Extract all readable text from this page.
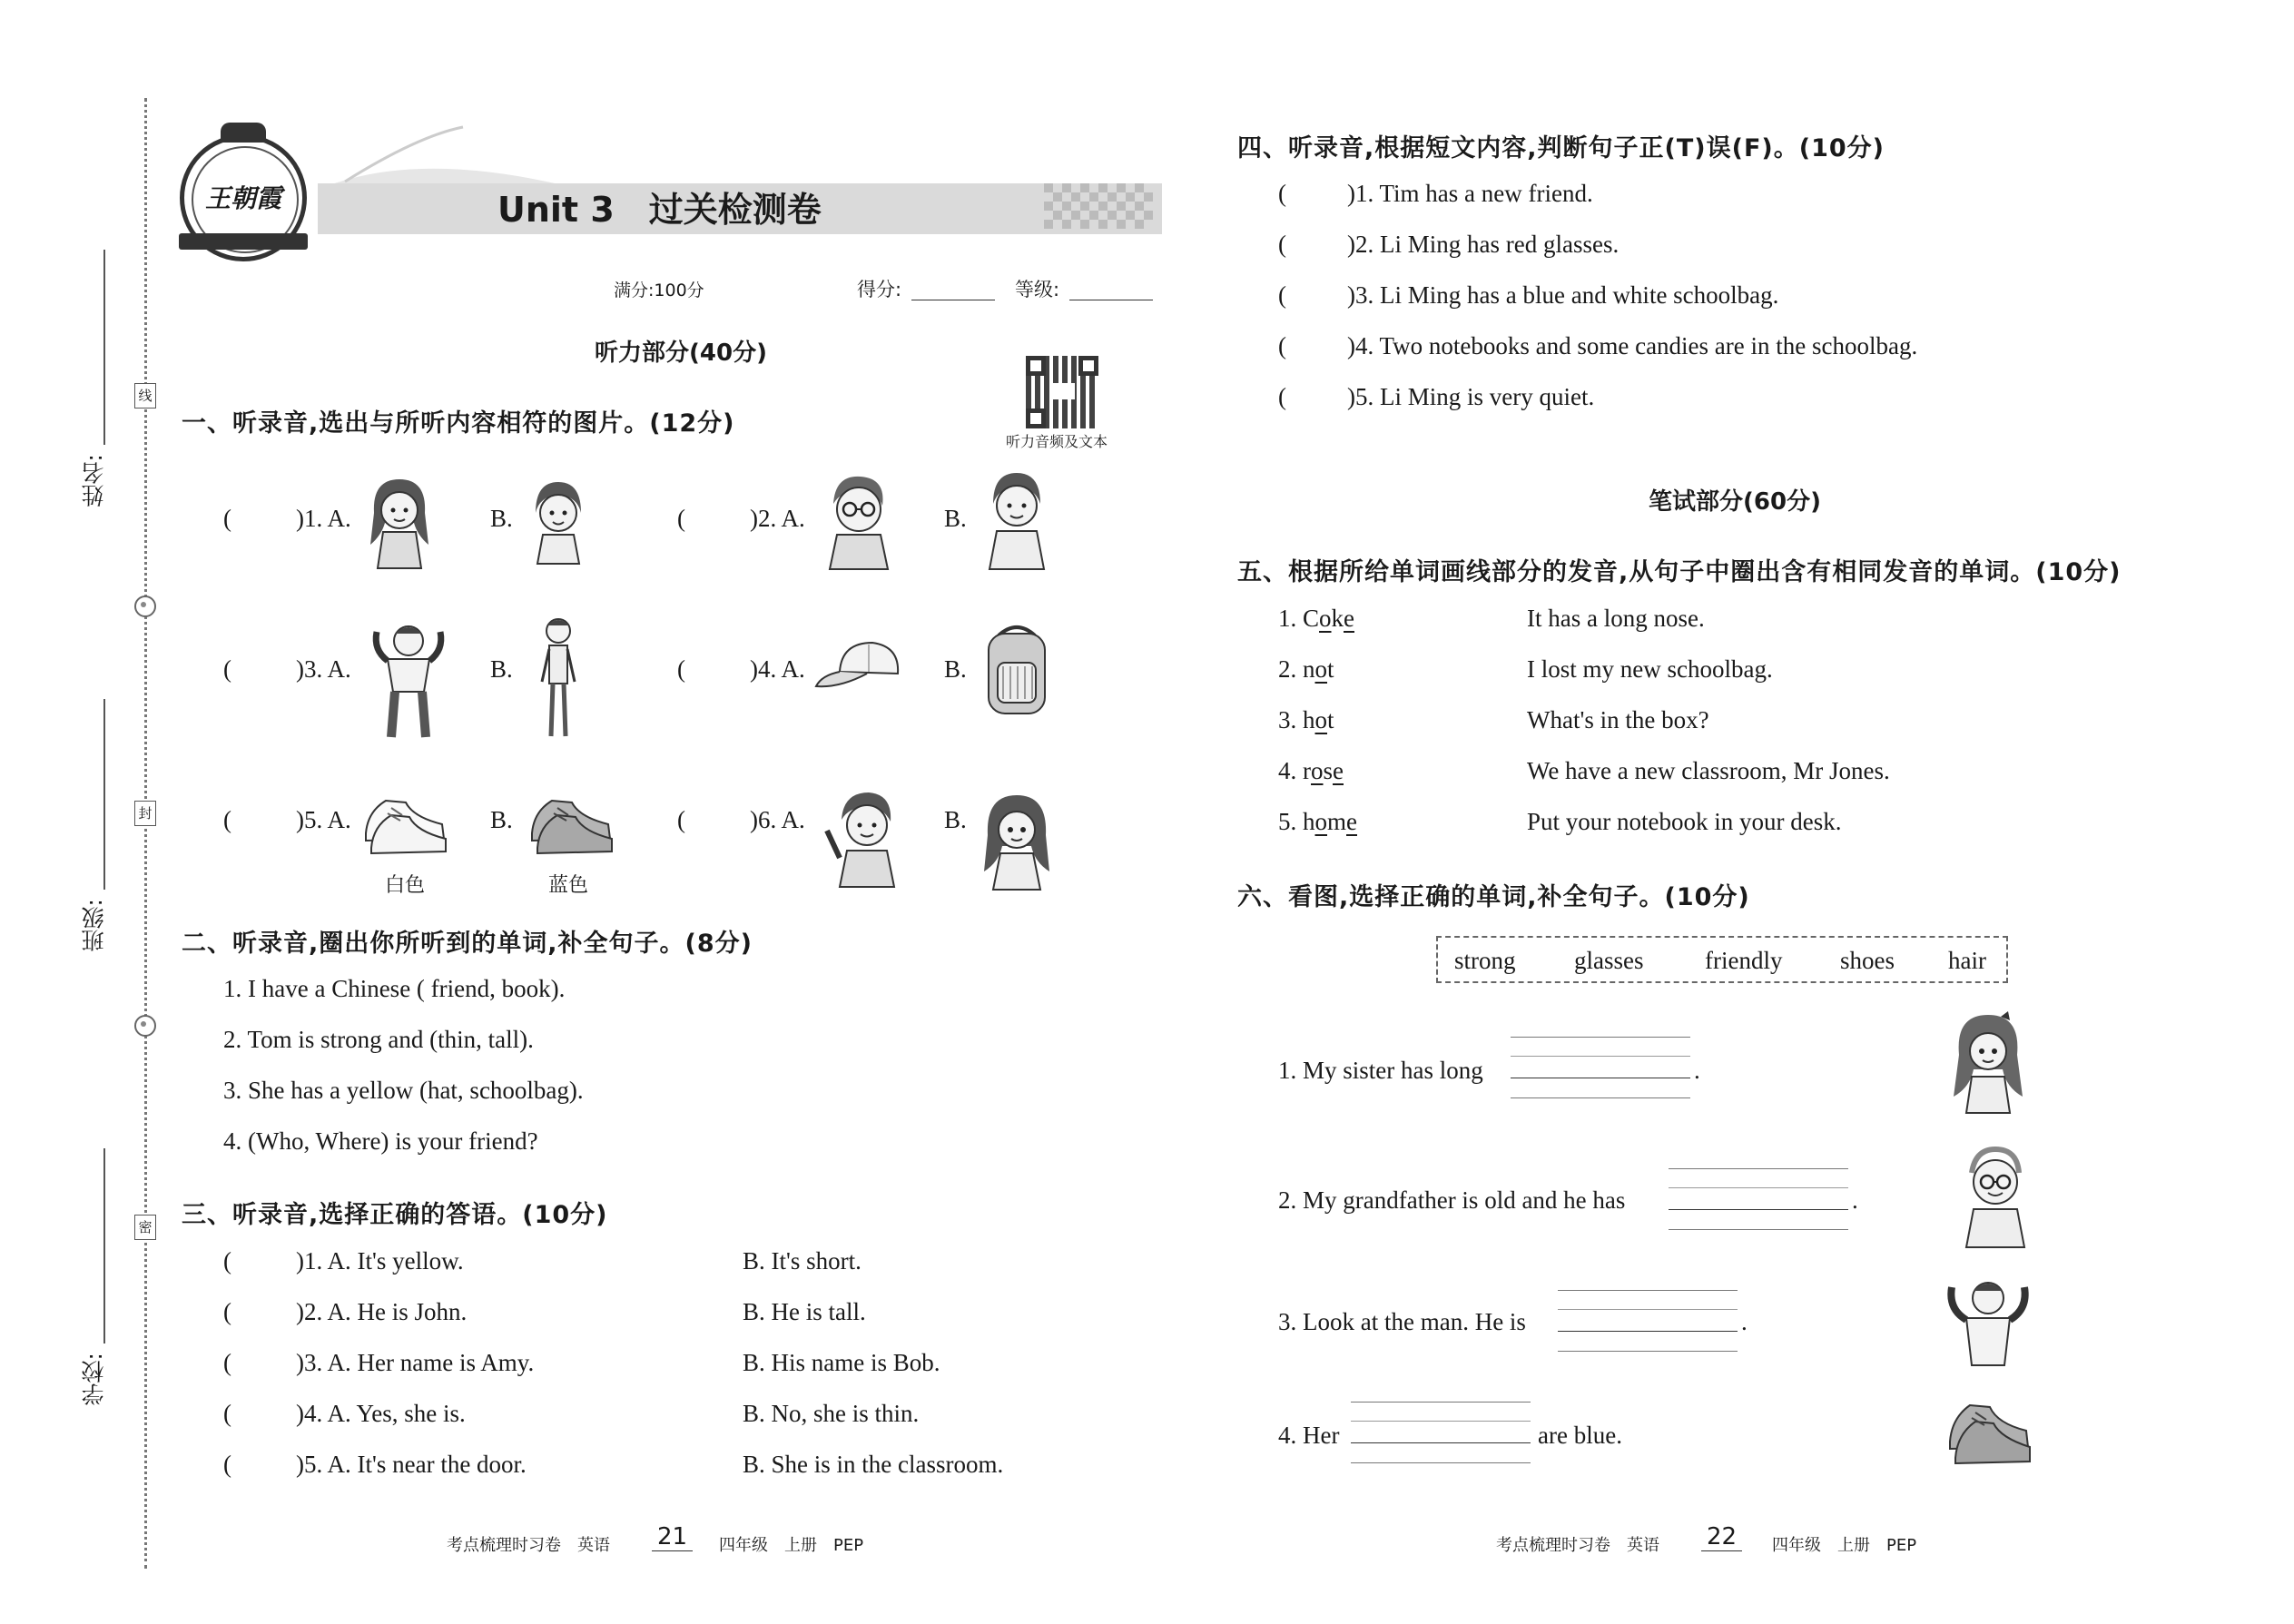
姓名:
班级:
学校:
线
封
密
王朝霞	Unit 3　过关检测卷
满分:100分	得分:	等级:
听力部分(40分)
听力音频及文本
一、听录音,选出与所听内容相符的图片。(12分)
(	)1. A.	B.	(	)2. A.	B.
(	)3. A.	B.	(	)4. A.	B.
(	)5. A.	B.	(	)6. A.	B.
白色	蓝色
二、听录音,圈出你所听到的单词,补全句子。(8分)
1. I have a Chinese ( friend, book).
2. Tom is strong and (thin, tall).
3. She has a yellow (hat, schoolbag).
4. (Who, Where) is your friend?
三、听录音,选择正确的答语。(10分)
(	)1. A. It's yellow.	B. It's short.
(	)2. A. He is John.	B. He is tall.
(	)3. A. Her name is Amy.	B. His name is Bob.
(	)4. A. Yes, she is.	B. No, she is thin.
(	)5. A. It's near the door.	B. She is in the classroom.
考点梳理时习卷　英语 21	四年级　上册　PEP
四、听录音,根据短文内容,判断句子正(T)误(F)。(10分)
( )1. Tim has a new friend.
( )2. Li Ming has red glasses.
( )3. Li Ming has a blue and white schoolbag.
( )4. Two notebooks and some candies are in the schoolbag.
( )5. Li Ming is very quiet.
笔试部分(60分)
五、根据所给单词画线部分的发音,从句子中圈出含有相同发音的单词。(10分)
1. Coke	It has a long nose.
2. not	I lost my new schoolbag.
3. hot	What's in the box?
4. rose	We have a new classroom, Mr Jones.
5. home	Put your notebook in your desk.
六、看图,选择正确的单词,补全句子。(10分)
strong glasses	friendly shoes hair
1. My sister has long	.
2. My grandfather is old and he has	.
3. Look at the man. He is	.
4. Her	are blue.
考点梳理时习卷　英语 22	四年级　上册　PEP
